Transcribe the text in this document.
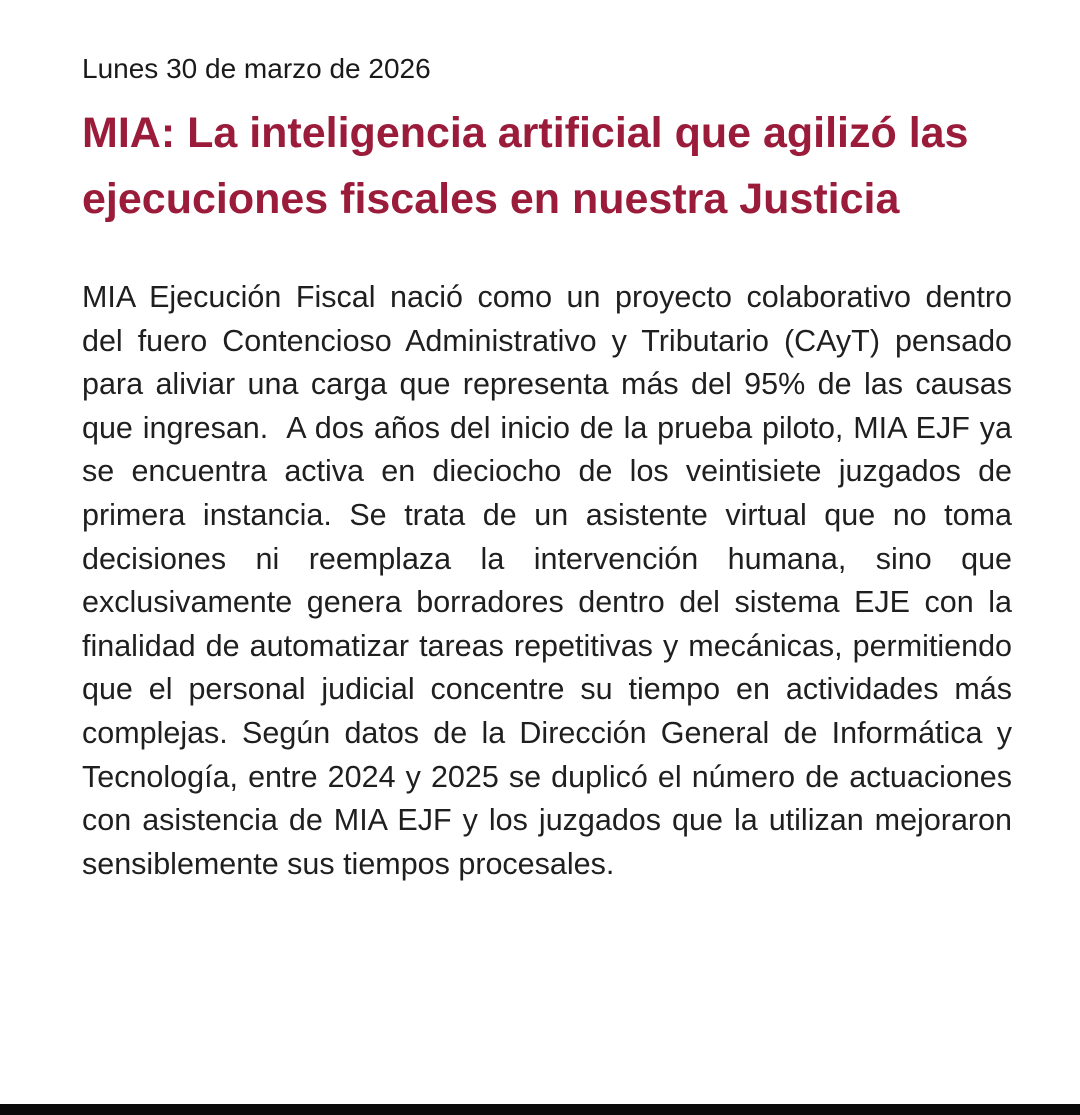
Lunes 30 de marzo de 2026

MIA: La inteligencia artificial que agilizó las ejecuciones fiscales en nuestra Justicia

MIA Ejecución Fiscal nació como un proyecto colaborativo dentro del fuero Contencioso Administrativo y Tributario (CAyT) pensado para aliviar una carga que representa más del 95% de las causas que ingresan.  A dos años del inicio de la prueba piloto, MIA EJF ya se encuentra activa en dieciocho de los veintisiete juzgados de primera instancia. Se trata de un asistente virtual que no toma decisiones ni reemplaza la intervención humana, sino que exclusivamente genera borradores dentro del sistema EJE con la finalidad de automatizar tareas repetitivas y mecánicas, permitiendo que el personal judicial concentre su tiempo en actividades más complejas. Según datos de la Dirección General de Informática y Tecnología, entre 2024 y 2025 se duplicó el número de actuaciones con asistencia de MIA EJF y los juzgados que la utilizan mejoraron sensiblemente sus tiempos procesales.
